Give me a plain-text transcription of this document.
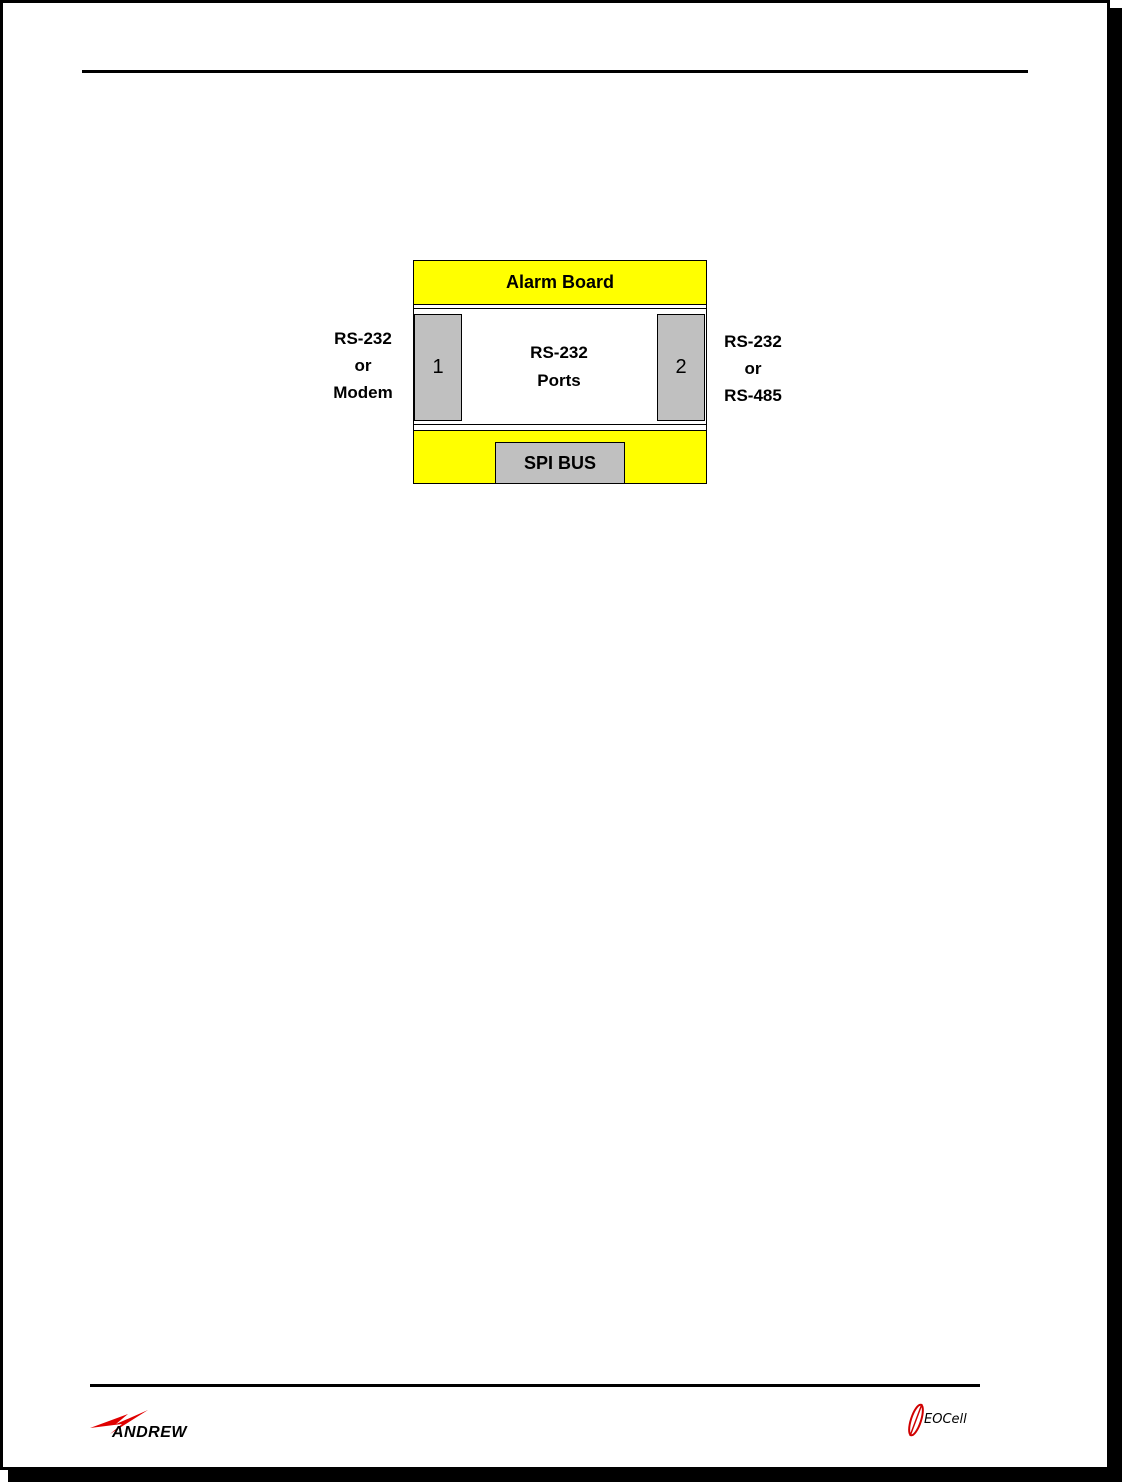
RS-232
or
Modem
Alarm Board
1
RS-232
Ports
2
SPI BUS
RS-232
or
RS-485
ANDREW
EOCell
